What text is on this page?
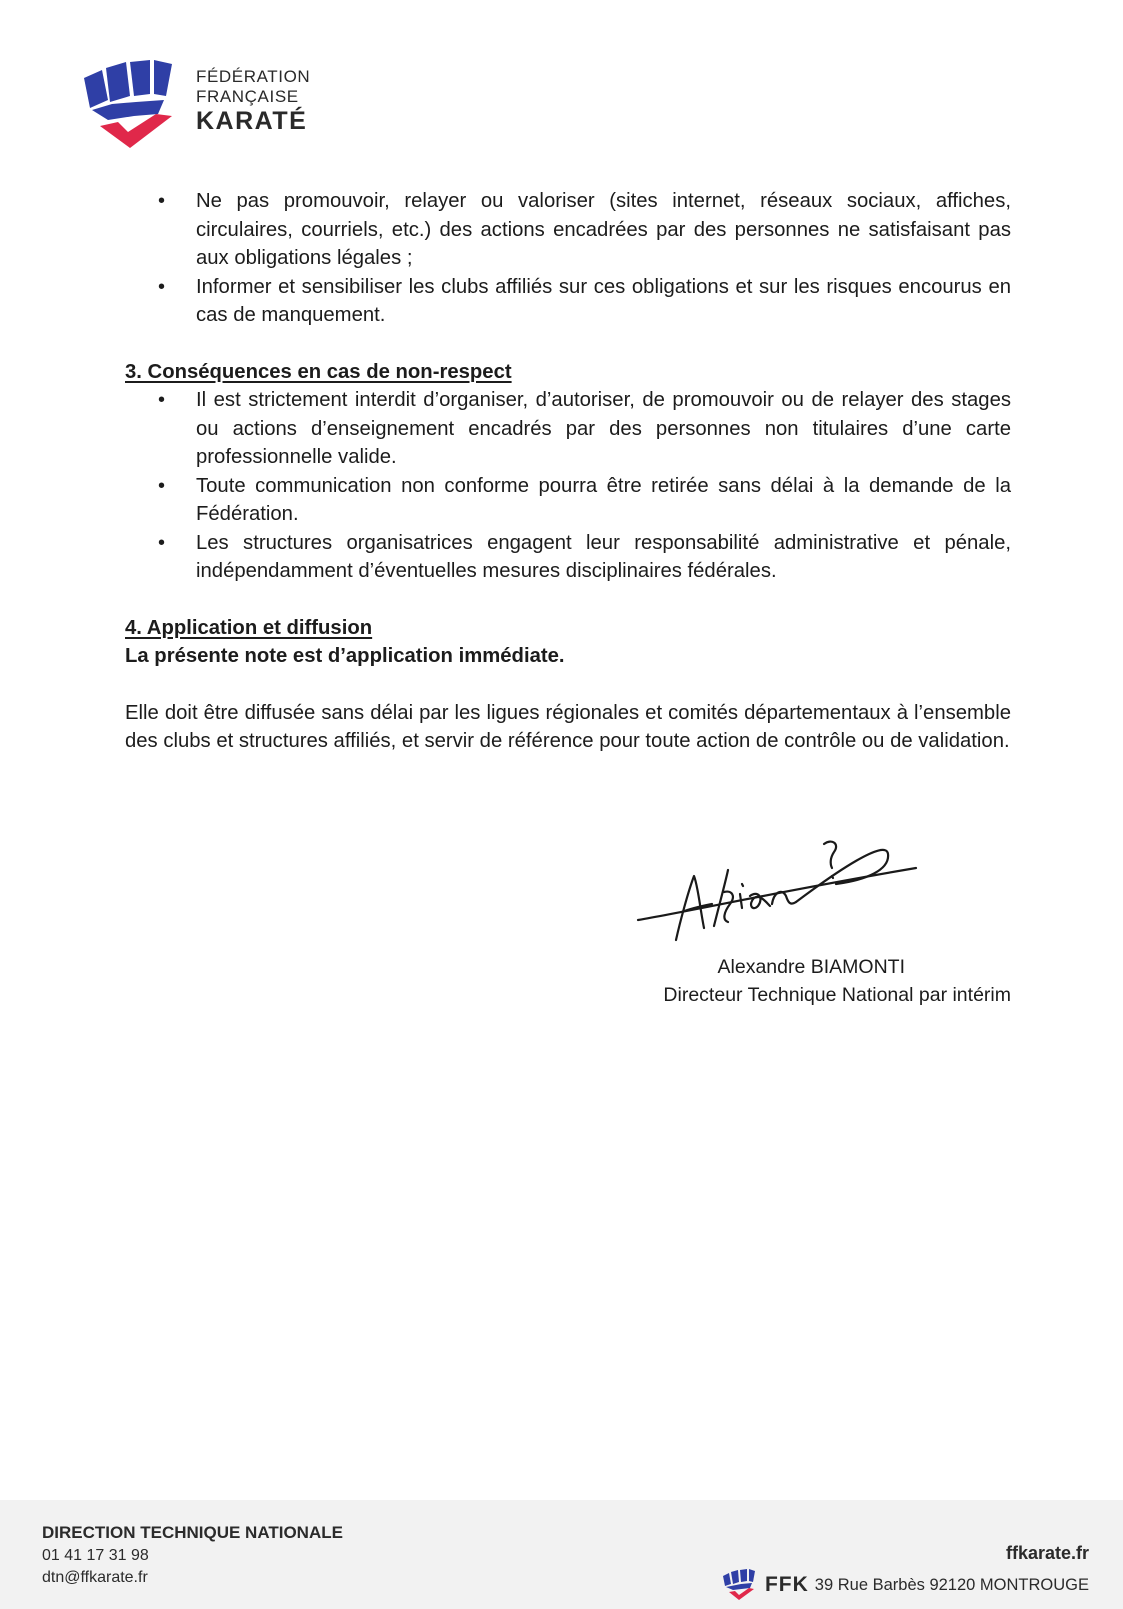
FÉDÉRATION
FRANÇAISE
KARATÉ
• Ne pas promouvoir, relayer ou valoriser (sites internet, réseaux sociaux, affiches, circulaires, courriels, etc.) des actions encadrées par des personnes ne satisfaisant pas aux obligations légales ;
• Informer et sensibiliser les clubs affiliés sur ces obligations et sur les risques encourus en cas de manquement.
3. Conséquences en cas de non-respect
• Il est strictement interdit d’organiser, d’autoriser, de promouvoir ou de relayer des stages ou actions d’enseignement encadrés par des personnes non titulaires d’une carte professionnelle valide.
• Toute communication non conforme pourra être retirée sans délai à la demande de la Fédération.
• Les structures organisatrices engagent leur responsabilité administrative et pénale, indépendamment d’éventuelles mesures disciplinaires fédérales.
4. Application et diffusion
La présente note est d’application immédiate.
Elle doit être diffusée sans délai par les ligues régionales et comités départementaux à l’ensemble des clubs et structures affiliés, et servir de référence pour toute action de contrôle ou de validation.
Alexandre BIAMONTI
Directeur Technique National par intérim
DIRECTION TECHNIQUE NATIONALE
01 41 17 31 98
dtn@ffkarate.fr
ffkarate.fr
FFK 39 Rue Barbès 92120 MONTROUGE
